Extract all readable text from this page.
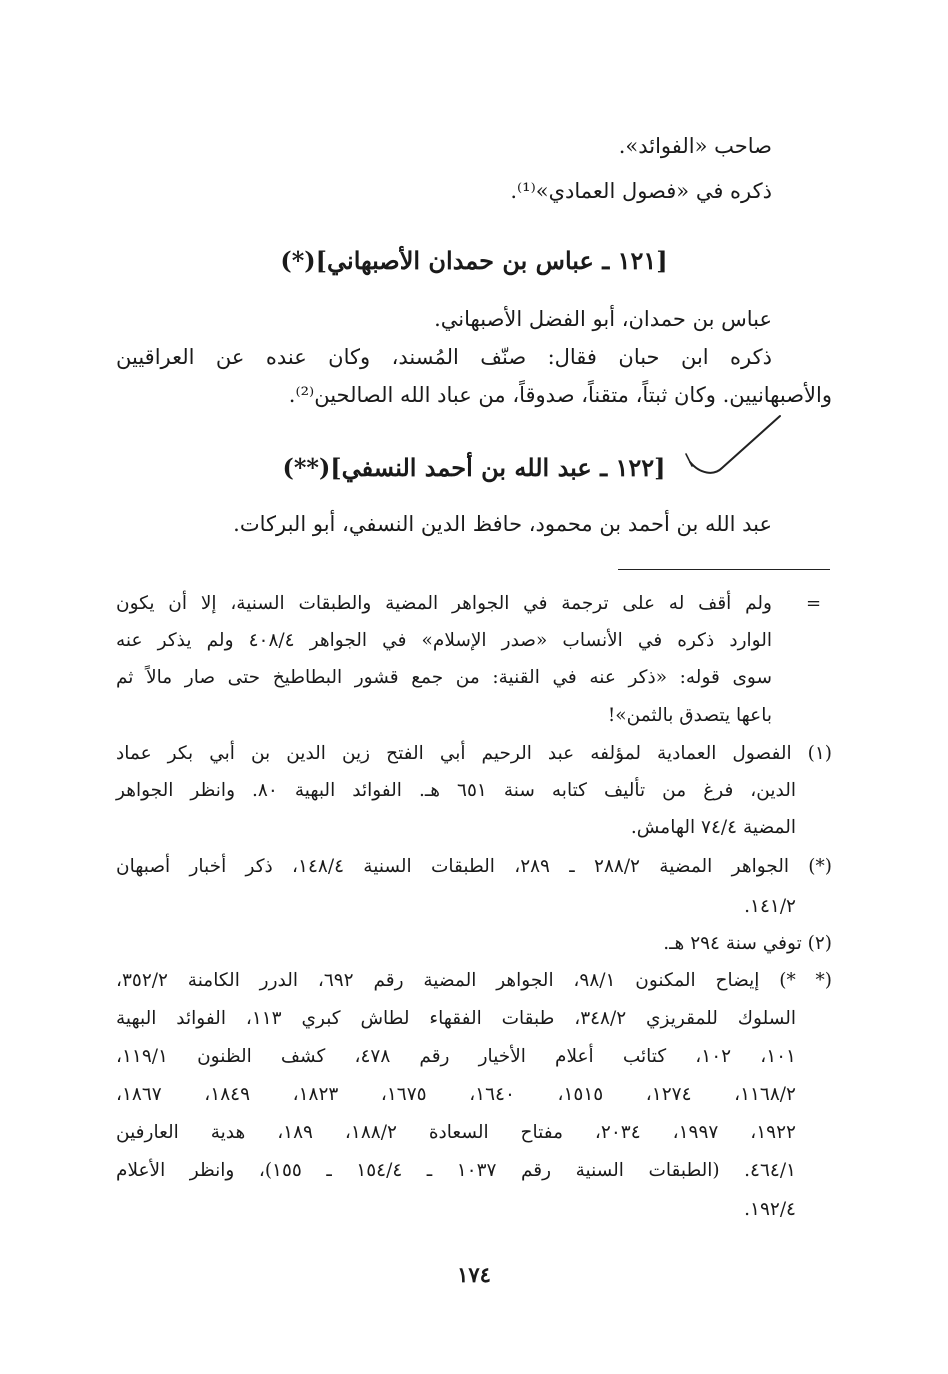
صاحب «الفوائد».
ذكره في «فصول العمادي»⁽¹⁾.
[١٢١ ـ عباس بن حمدان الأصبهاني](*)
عباس بن حمدان، أبو الفضل الأصبهاني.
ذكره ابن حبان فقال: صنّف المُسند، وكان عنده عن العراقيين
والأصبهانيين. وكان ثبتاً، متقناً، صدوقاً، من عباد الله الصالحين⁽²⁾.
[١٢٢ ـ عبد الله بن أحمد النسفي](**)
عبد الله بن أحمد بن محمود، حافظ الدين النسفي، أبو البركات.
=
ولم أقف له على ترجمة في الجواهر المضية والطبقات السنية، إلا أن يكون
الوارد ذكره في الأنساب «صدر الإسلام» في الجواهر ٤٠٨/٤ ولم يذكر عنه
سوى قوله: «ذكر عنه في القنية: من جمع قشور البطاطيخ حتى صار مالاً ثم
باعها يتصدق بالثمن»!
(١) الفصول العمادية لمؤلفه عبد الرحيم أبي الفتح زين الدين بن أبي بكر عماد
الدين، فرغ من تأليف كتابه سنة ٦٥١ هـ. الفوائد البهية ٨٠. وانظر الجواهر
المضية ٧٤/٤ الهامش.
(*) الجواهر المضية ٢٨٨/٢ ـ ٢٨٩، الطبقات السنية ١٤٨/٤، ذكر أخبار أصبهان
١٤١/٢.
(٢) توفي سنة ٢٩٤ هـ.
(* *) إيضاح المكنون ٩٨/١، الجواهر المضية رقم ٦٩٢، الدرر الكامنة ٣٥٢/٢،
السلوك للمقريزي ٣٤٨/٢، طبقات الفقهاء لطاش كبري ١١٣، الفوائد البهية
١٠١، ١٠٢، كتائب أعلام الأخيار رقم ٤٧٨، كشف الظنون ١١٩/١،
١١٦٨/٢، ١٢٧٤، ١٥١٥، ١٦٤٠، ١٦٧٥، ١٨٢٣، ١٨٤٩، ١٨٦٧،
١٩٢٢، ١٩٩٧، ٢٠٣٤، مفتاح السعادة ١٨٨/٢، ١٨٩، هدية العارفين
٤٦٤/١. (الطبقات السنية رقم ١٠٣٧ ـ ١٥٤/٤ ـ ١٥٥)، وانظر الأعلام
١٩٢/٤.
١٧٤
